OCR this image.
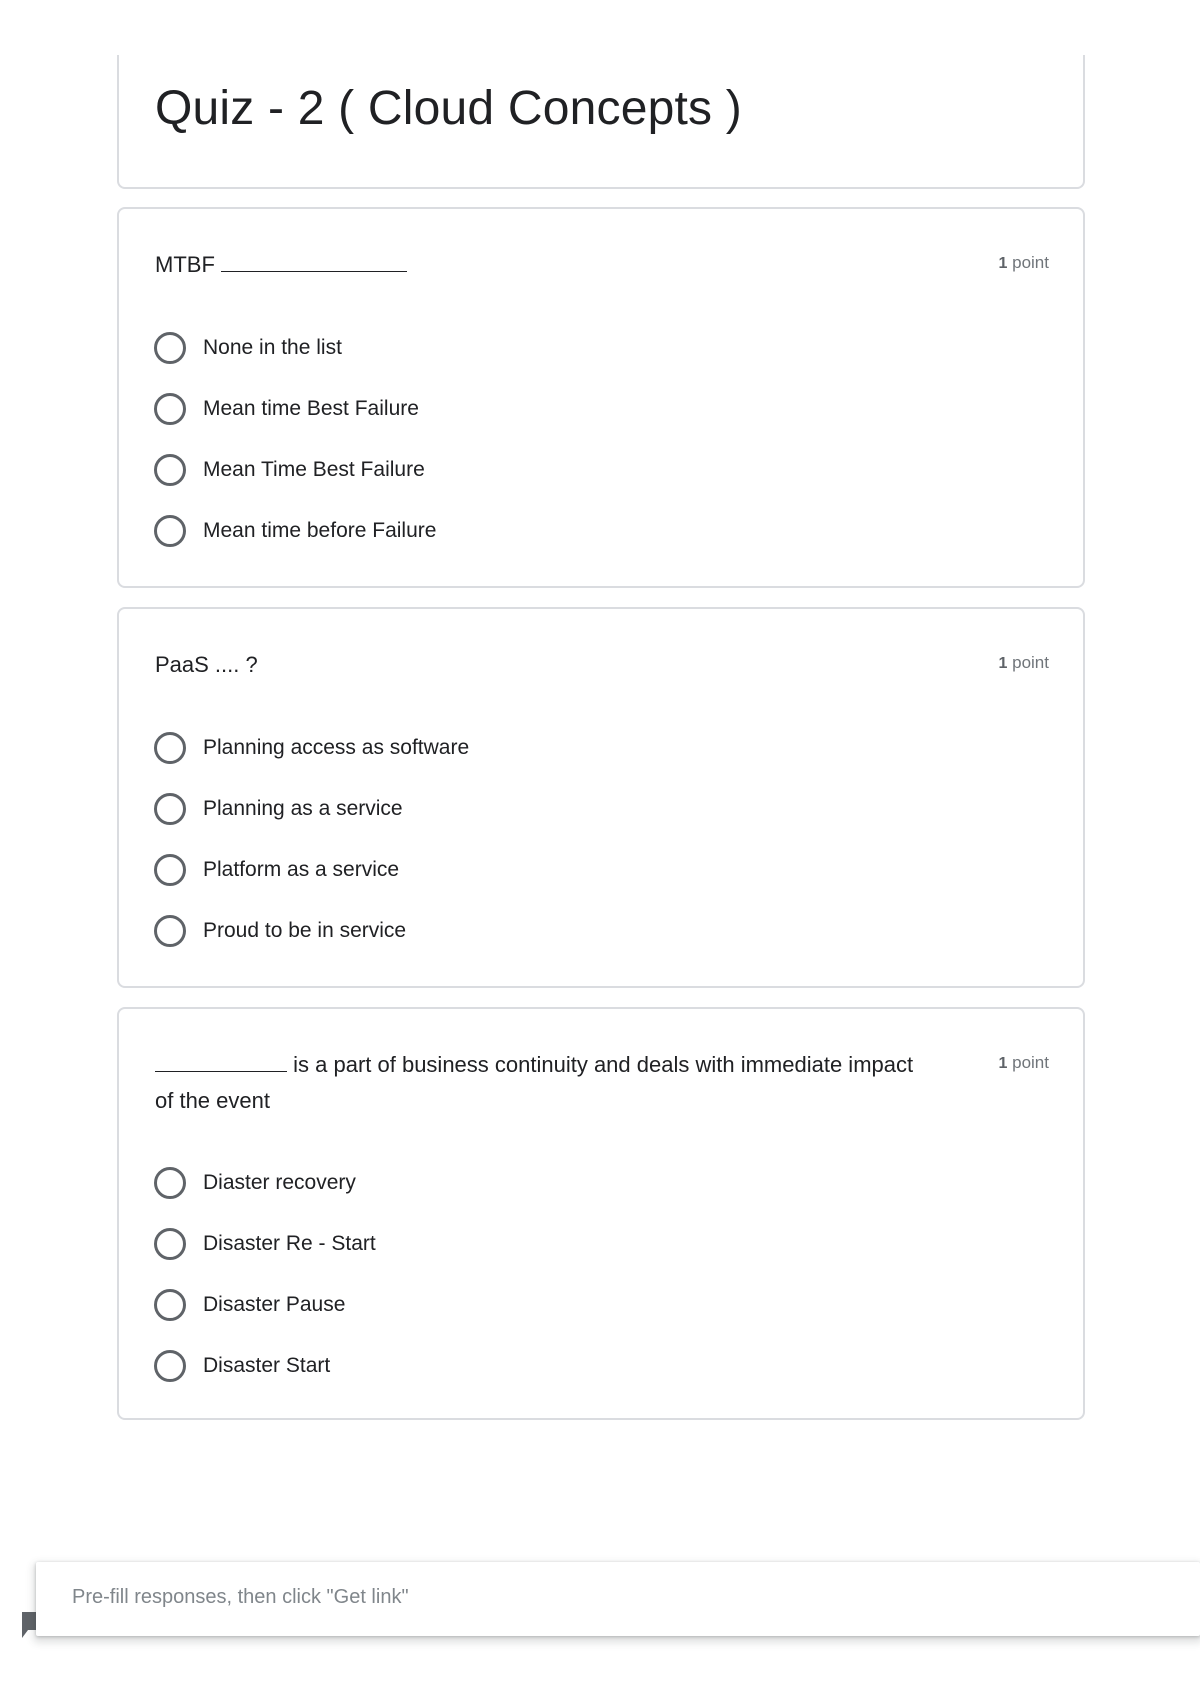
Quiz - 2 ( Cloud Concepts )
MTBF	1 point
None in the list
Mean time Best Failure
Mean Time Best Failure
Mean time before Failure
PaaS .... ?	1 point
Planning access as software
Planning as a service
Platform as a service
Proud to be in service
is a part of business continuity and deals with immediate impact of the event
1 point
Diaster recovery
Disaster Re - Start
Disaster Pause
Disaster Start
Pre-fill responses, then click "Get link"
